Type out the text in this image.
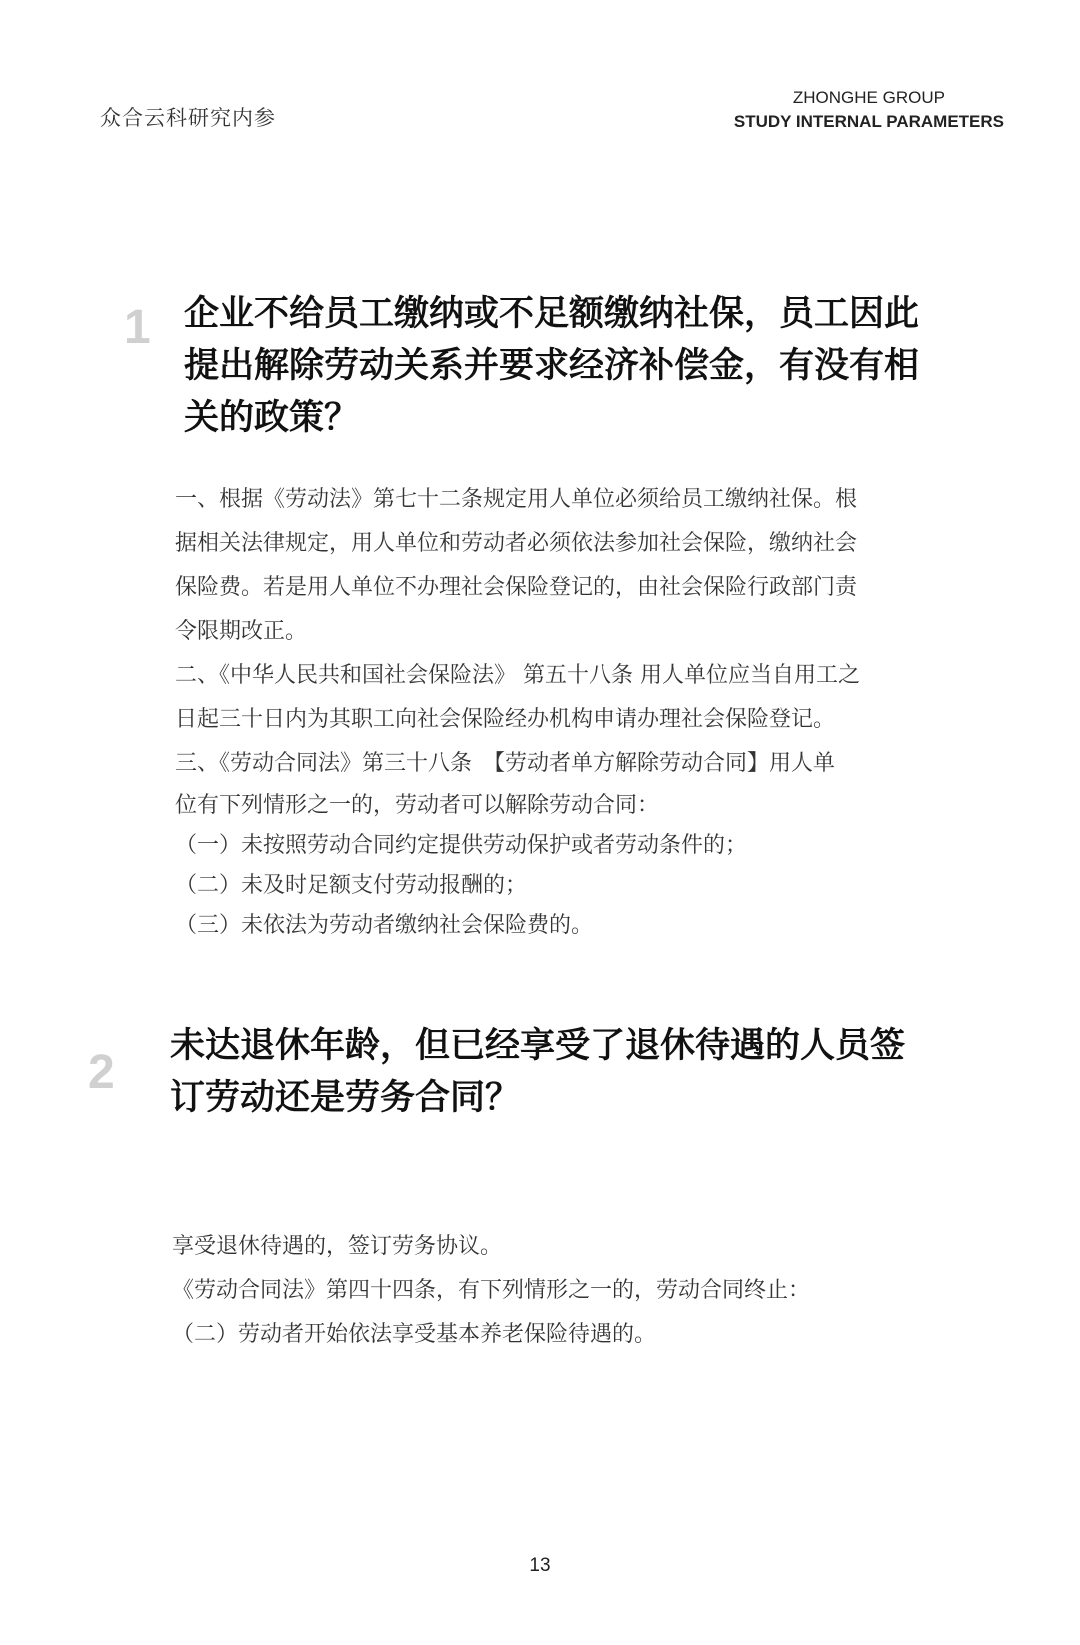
众合云科研究内参
ZHONGHE GROUP
STUDY INTERNAL PARAMETERS
1 企业不给员工缴纳或不足额缴纳社保，员工因此
提出解除劳动关系并要求经济补偿金，有没有相
关的政策？
一、根据《劳动法》第七十二条规定用人单位必须给员工缴纳社保。根
据相关法律规定，用人单位和劳动者必须依法参加社会保险，缴纳社会
保险费。若是用人单位不办理社会保险登记的，由社会保险行政部门责
令限期改正。
二、《中华人民共和国社会保险法》 第五十八条 用人单位应当自用工之
日起三十日内为其职工向社会保险经办机构申请办理社会保险登记。
三、《劳动合同法》第三十八条　【劳动者单方解除劳动合同】用人单
位有下列情形之一的，劳动者可以解除劳动合同：
（一）未按照劳动合同约定提供劳动保护或者劳动条件的；
（二）未及时足额支付劳动报酬的；
（三）未依法为劳动者缴纳社会保险费的。
2 未达退休年龄，但已经享受了退休待遇的人员签
订劳动还是劳务合同？
享受退休待遇的，签订劳务协议。
《劳动合同法》第四十四条，有下列情形之一的，劳动合同终止：
（二）劳动者开始依法享受基本养老保险待遇的。
13
